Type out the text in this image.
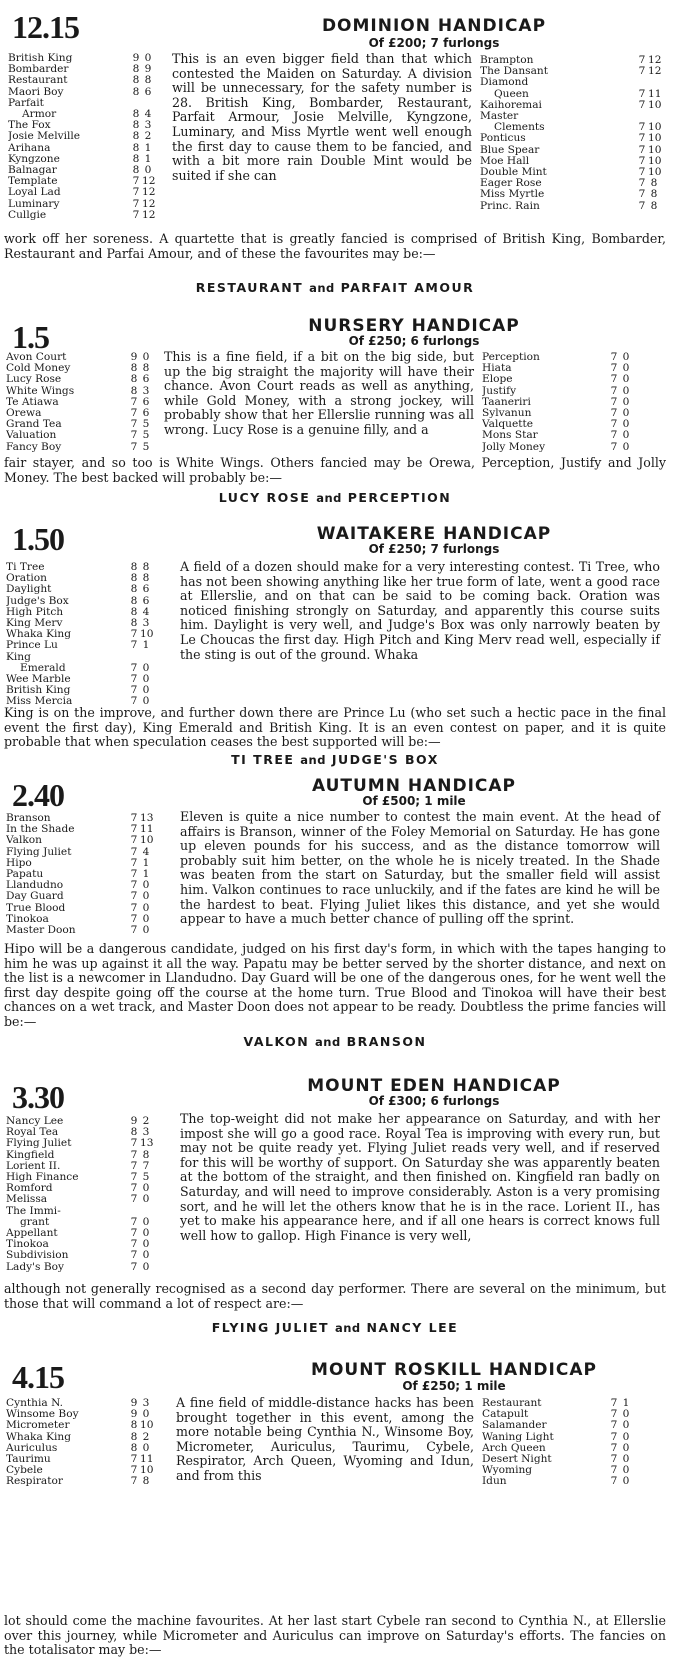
12.15	DOMINION HANDICAP
Of £200; 7 furlongs
British King	9 0
Bombarder	8 9
Restaurant	8 8
Maori Boy	8 6
Parfait
Armor	8 4
The Fox	8 3
Josie Melville	8 2
Arihana	8 1
Kyngzone	8 1
Balnagar	8 0
Template	7 12
Loyal Lad	7 12
Luminary	7 12
Cullgie	7 12
Brampton	7 12
The Dansant	7 12
Diamond
Queen	7 11
Kaihoremai	7 10
Master
Clements	7 10
Ponticus	7 10
Blue Spear	7 10
Moe Hall	7 10
Double Mint	7 10
Eager Rose	7 8
Miss Myrtle	7 8
Princ. Rain	7 8

This is an even bigger field than that which contested the Maiden on Saturday. A division will be unnecessary, for the safety number is 28. British King, Bombarder, Restaurant, Parfait Armour, Josie Melville, Kyngzone, Luminary, and Miss Myrtle went well enough the first day to cause them to be fancied, and with a bit more rain Double Mint would be suited if she can

work off her soreness. A quartette that is greatly fancied is comprised of British King, Bombarder, Restaurant and Parfai Amour, and of these the favourites may be:—

RESTAURANT and PARFAIT AMOUR
1.5	NURSERY HANDICAP
Of £250; 6 furlongs
Avon Court	9 0
Cold Money	8 8
Lucy Rose	8 6
White Wings	8 3
Te Atiawa	7 6
Orewa	7 6
Grand Tea	7 5
Valuation	7 5
Fancy Boy	7 5
Perception	7 0
Hiata	7 0
Elope	7 0
Justify	7 0
Taaneriri	7 0
Sylvanun	7 0
Valquette	7 0
Mons Star	7 0
Jolly Money	7 0

This is a fine field, if a bit on the big side, but up the big straight the majority will have their chance. Avon Court reads as well as anything, while Gold Money, with a strong jockey, will probably show that her Ellerslie running was all wrong. Lucy Rose is a genuine filly, and a

fair stayer, and so too is White Wings. Others fancied may be Orewa, Perception, Justify and Jolly Money. The best backed will probably be:—

LUCY ROSE and PERCEPTION
1.50	WAITAKERE HANDICAP
Of £250; 7 furlongs
Ti Tree	8 8
Oration	8 8
Daylight	8 6
Judge's Box	8 6
High Pitch	8 4
King Merv	8 3
Whaka King	7 10
Prince Lu	7 1
King
Emerald	7 0
Wee Marble	7 0
British King	7 0
Miss Mercia	7 0

A field of a dozen should make for a very interesting contest. Ti Tree, who has not been showing anything like her true form of late, went a good race at Ellerslie, and on that can be said to be coming back. Oration was noticed finishing strongly on Saturday, and apparently this course suits him. Daylight is very well, and Judge's Box was only narrowly beaten by Le Choucas the first day. High Pitch and King Merv read well, especially if the sting is out of the ground. Whaka

King is on the improve, and further down there are Prince Lu (who set such a hectic pace in the final event the first day), King Emerald and British King. It is an even contest on paper, and it is quite probable that when speculation ceases the best supported will be:—

TI TREE and JUDGE'S BOX
2.40	AUTUMN HANDICAP
Of £500; 1 mile
Branson	7 13
In the Shade	7 11
Valkon	7 10
Flying Juliet	7 4
Hipo	7 1
Papatu	7 1
Llandudno	7 0
Day Guard	7 0
True Blood	7 0
Tinokoa	7 0
Master Doon	7 0

Eleven is quite a nice number to contest the main event. At the head of affairs is Branson, winner of the Foley Memorial on Saturday. He has gone up eleven pounds for his success, and as the distance tomorrow will probably suit him better, on the whole he is nicely treated. In the Shade was beaten from the start on Saturday, but the smaller field will assist him. Valkon continues to race unluckily, and if the fates are kind he will be the hardest to beat. Flying Juliet likes this distance, and yet she would appear to have a much better chance of pulling off the sprint.

Hipo will be a dangerous candidate, judged on his first day's form, in which with the tapes hanging to him he was up against it all the way. Papatu may be better served by the shorter distance, and next on the list is a newcomer in Llandudno. Day Guard will be one of the dangerous ones, for he went well the first day despite going off the course at the home turn. True Blood and Tinokoa will have their best chances on a wet track, and Master Doon does not appear to be ready. Doubtless the prime fancies will be:—

VALKON and BRANSON
3.30	MOUNT EDEN HANDICAP
Of £300; 6 furlongs
Nancy Lee	9 2
Royal Tea	8 3
Flying Juliet	7 13
Kingfield	7 8
Lorient II.	7 7
High Finance	7 5
Romford	7 0
Melissa	7 0
The Immi-
grant	7 0
Appellant	7 0
Tinokoa	7 0
Subdivision	7 0
Lady's Boy	7 0

The top-weight did not make her appearance on Saturday, and with her impost she will go a good race. Royal Tea is improving with every run, but may not be quite ready yet. Flying Juliet reads very well, and if reserved for this will be worthy of support. On Saturday she was apparently beaten at the bottom of the straight, and then finished on. Kingfield ran badly on Saturday, and will need to improve considerably. Aston is a very promising sort, and he will let the others know that he is in the race. Lorient II., has yet to make his appearance here, and if all one hears is correct knows full well how to gallop. High Finance is very well,

although not generally recognised as a second day performer. There are several on the minimum, but those that will command a lot of respect are:—

FLYING JULIET and NANCY LEE
4.15	MOUNT ROSKILL HANDICAP
Of £250; 1 mile
Cynthia N.	9 3
Winsome Boy	9 0
Micrometer	8 10
Whaka King	8 2
Auriculus	8 0
Taurimu	7 11
Cybele	7 10
Respirator	7 8
Restaurant	7 1
Catapult	7 0
Salamander	7 0
Waning Light	7 0
Arch Queen	7 0
Desert Night	7 0
Wyoming	7 0
Idun	7 0

A fine field of middle-distance hacks has been brought together in this event, among the more notable being Cynthia N., Winsome Boy, Micrometer, Auriculus, Taurimu, Cybele, Respirator, Arch Queen, Wyoming and Idun, and from this

lot should come the machine favourites. At her last start Cybele ran second to Cynthia N., at Ellerslie over this journey, while Micrometer and Auriculus can improve on Saturday's efforts. The fancies on the totalisator may be:—
